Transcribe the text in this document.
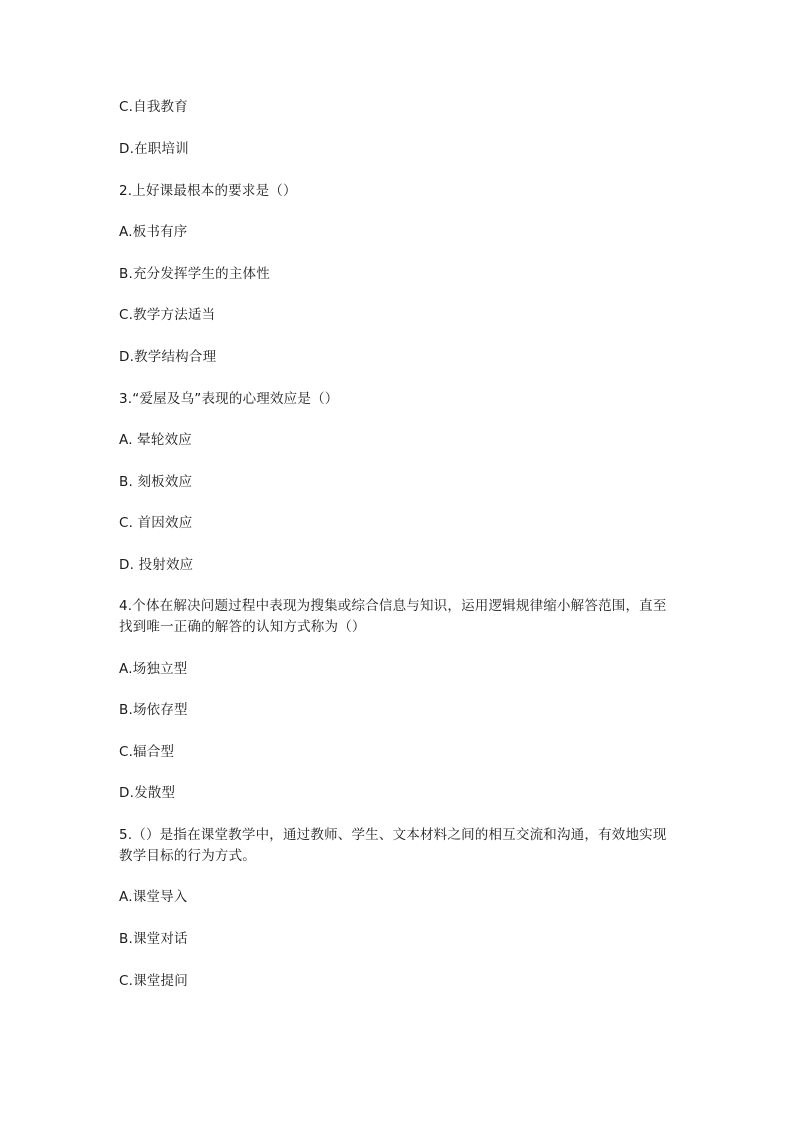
C.自我教育
D.在职培训
2.上好课最根本的要求是（）
A.板书有序
B.充分发挥学生的主体性
C.教学方法适当
D.教学结构合理
3.“爱屋及乌”表现的心理效应是（）
A. 晕轮效应
B. 刻板效应
C. 首因效应
D. 投射效应
4.个体在解决问题过程中表现为搜集或综合信息与知识，运用逻辑规律缩小解答范围，直至找到唯一正确的解答的认知方式称为（）
A.场独立型
B.场依存型
C.辐合型
D.发散型
5.（）是指在课堂教学中，通过教师、学生、文本材料之间的相互交流和沟通，有效地实现教学目标的行为方式。
A.课堂导入
B.课堂对话
C.课堂提问
